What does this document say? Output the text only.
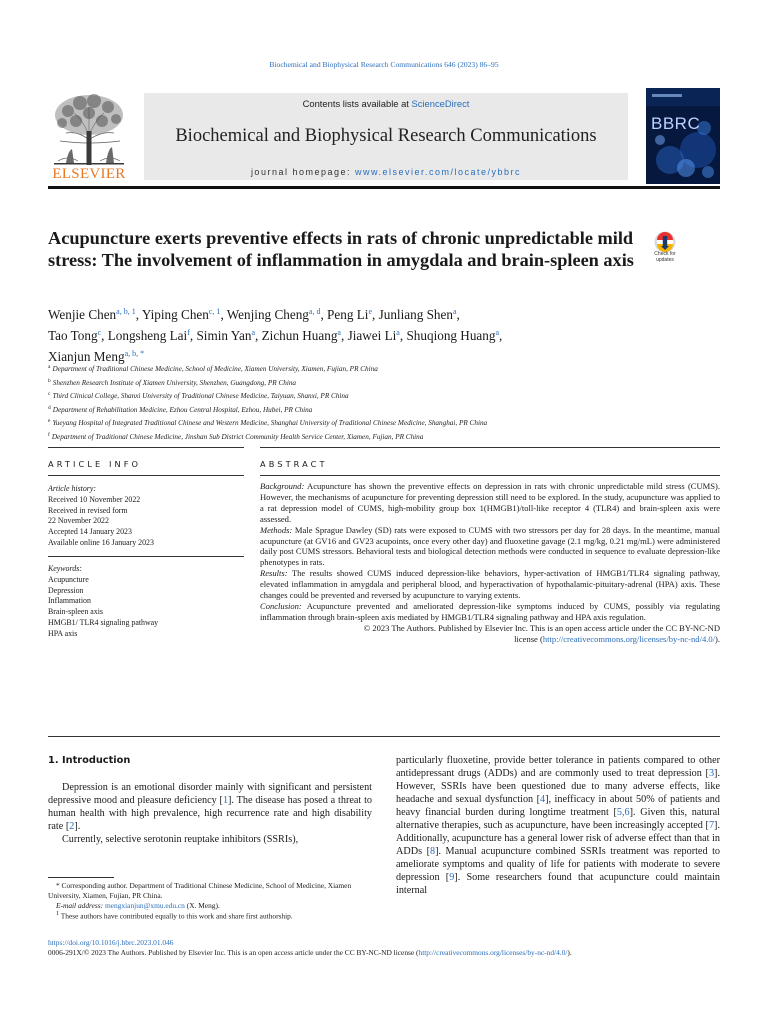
Biochemical and Biophysical Research Communications 646 (2023) 86–95
ELSEVIER
Contents lists available at ScienceDirect
Biochemical and Biophysical Research Communications
journal homepage: www.elsevier.com/locate/ybbrc
BBRC
Acupuncture exerts preventive effects in rats of chronic unpredictable mild stress: The involvement of inflammation in amygdala and brain-spleen axis	Check for
updates
Wenjie Chen$^{a, b, 1}$, Yiping Chen$^{c, 1}$, Wenjing Cheng$^{a, d}$, Peng Li$^e$, Junliang Shen$^a$,
Tao Tong$^c$, Longsheng Lai$^f$, Simin Yan$^a$, Zichun Huang$^a$, Jiawei Li$^a$, Shuqiong Huang$^a$,
Xianjun Meng$^{a, b, *}$
$^a$ Department of Traditional Chinese Medicine, School of Medicine, Xiamen University, Xiamen, Fujian, PR China
$^b$ Shenzhen Research Institute of Xiamen University, Shenzhen, Guangdong, PR China
$^c$ Third Clinical College, Shanxi University of Traditional Chinese Medicine, Taiyuan, Shanxi, PR China
$^d$ Department of Rehabilitation Medicine, Ezhou Central Hospital, Ezhou, Hubei, PR China
$^e$ Yueyang Hospital of Integrated Traditional Chinese and Western Medicine, Shanghai University of Traditional Chinese Medicine, Shanghai, PR China
$^f$ Department of Traditional Chinese Medicine, Jinshan Sub District Community Health Service Center, Xiamen, Fujian, PR China
ARTICLE INFO	ABSTRACT
Article history:
Received 10 November 2022
Received in revised form
22 November 2022
Accepted 14 January 2023
Available online 16 January 2023
Keywords:
Acupuncture
Depression
Inflammation
Brain-spleen axis
HMGB1/ TLR4 signaling pathway
HPA axis

Background: Acupuncture has shown the preventive effects on depression in rats with chronic unpredictable mild stress (CUMS). However, the mechanisms of acupuncture for preventing depression still need to be explored. In the study, acupuncture was applied to a rat depression model of CUMS, high-mobility group box 1(HMGB1)/toll-like receptor 4 (TLR4) and brain-spleen axis were assessed.

Methods: Male Sprague Dawley (SD) rats were exposed to CUMS with two stressors per day for 28 days. In the meantime, manual acupuncture (at GV16 and GV23 acupoints, once every other day) and fluoxetine gavage (2.1 mg/kg, 0.21 mg/mL) were administered daily post CUMS stressors. Behavioral tests and biological detection methods were conducted in sequence to evaluate depression-like phenotypes in rats.

Results: The results showed CUMS induced depression-like behaviors, hyper-activation of HMGB1/TLR4 signaling pathway, elevated inflammation in amygdala and peripheral blood, and hyperactivation of hypothalamic-pituitary-adrenal (HPA) axis. These changes could be prevented and reversed by acupuncture to varying extents.

Conclusion: Acupuncture prevented and ameliorated depression-like symptoms induced by CUMS, possibly via regulating inflammation through brain-spleen axis mediated by HMGB1/TLR4 signaling pathway and HPA axis regulation.

© 2023 The Authors. Published by Elsevier Inc. This is an open access article under the CC BY-NC-ND
license (http://creativecommons.org/licenses/by-nc-nd/4.0/).

1. Introduction

Depression is an emotional disorder mainly with significant and persistent depressive mood and pleasure deficiency [1]. The disease has posed a threat to human health with high prevalence, high recurrence rate and high disability rate [2].

Currently, selective serotonin reuptake inhibitors (SSRIs),

particularly fluoxetine, provide better tolerance in patients compared to other antidepressant drugs (ADDs) and are commonly used to treat depression [3]. However, SSRIs have been questioned due to many adverse effects, like headache and sexual dysfunction [4], inefficacy in about 50% of patients and heavy financial burden during longtime treatment [5,6]. Given this, natural alternative therapies, such as acupuncture, have been increasingly accepted [7]. Additionally, acupuncture has a general lower risk of adverse effect than that in ADDs [8]. Manual acupuncture combined SSRIs treatment was reported to ameliorate symptoms and quality of life for patients with moderate to severe depression [9]. Some researchers found that acupuncture could maintain internal

* Corresponding author. Department of Traditional Chinese Medicine, School of Medicine, Xiamen University, Xiamen, Fujian, PR China.

E-mail address: mengxianjun@xmu.edu.cn (X. Meng).

$^1$ These authors have contributed equally to this work and share first authorship.

https://doi.org/10.1016/j.bbrc.2023.01.046
0006-291X/© 2023 The Authors. Published by Elsevier Inc. This is an open access article under the CC BY-NC-ND license (http://creativecommons.org/licenses/by-nc-nd/4.0/).
